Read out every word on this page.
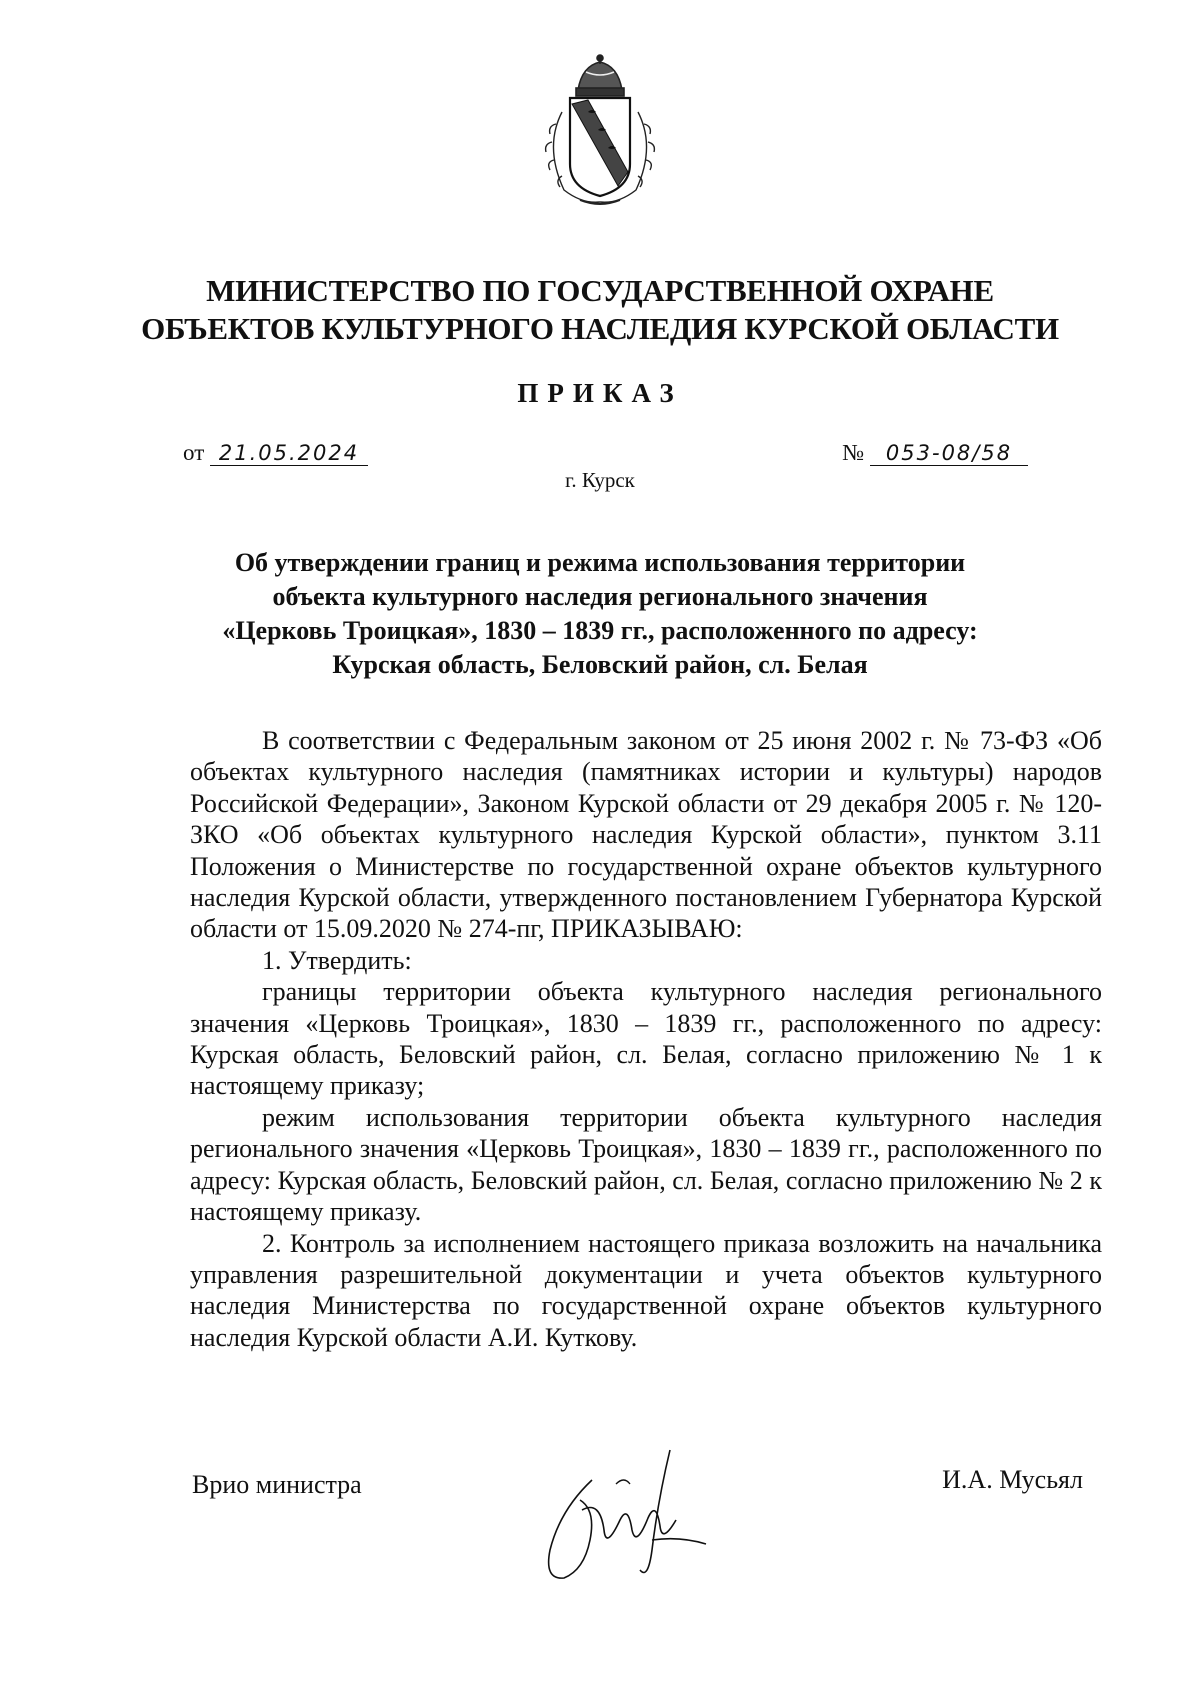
МИНИСТЕРСТВО ПО ГОСУДАРСТВЕННОЙ ОХРАНЕ
ОБЪЕКТОВ КУЛЬТУРНОГО НАСЛЕДИЯ КУРСКОЙ ОБЛАСТИ
ПРИКАЗ
от 21.05.2024	№ 053-08/58
г. Курск
Об утверждении границ и режима использования территории
объекта культурного наследия регионального значения
«Церковь Троицкая», 1830 – 1839 гг., расположенного по адресу:
Курская область, Беловский район, сл. Белая

В соответствии с Федеральным законом от 25 июня 2002 г. № 73-ФЗ «Об объектах культурного наследия (памятниках истории и культуры) народов Российской Федерации», Законом Курской области от 29 декабря 2005 г. № 120-ЗКО «Об объектах культурного наследия Курской области», пунктом 3.11 Положения о Министерстве по государственной охране объектов культурного наследия Курской области, утвержденного постановлением Губернатора Курской области от 15.09.2020 № 274-пг, ПРИКАЗЫВАЮ:

1. Утвердить:

границы территории объекта культурного наследия регионального значения «Церковь Троицкая», 1830 – 1839 гг., расположенного по адресу: Курская область, Беловский район, сл. Белая, согласно приложению № 1 к настоящему приказу;

режим использования территории объекта культурного наследия регионального значения «Церковь Троицкая», 1830 – 1839 гг., расположенного по адресу: Курская область, Беловский район, сл. Белая, согласно приложению № 2 к настоящему приказу.

2. Контроль за исполнением настоящего приказа возложить на начальника управления разрешительной документации и учета объектов культурного наследия Министерства по государственной охране объектов культурного наследия Курской области А.И. Куткову.

Врио министра	И.А. Мусьял
